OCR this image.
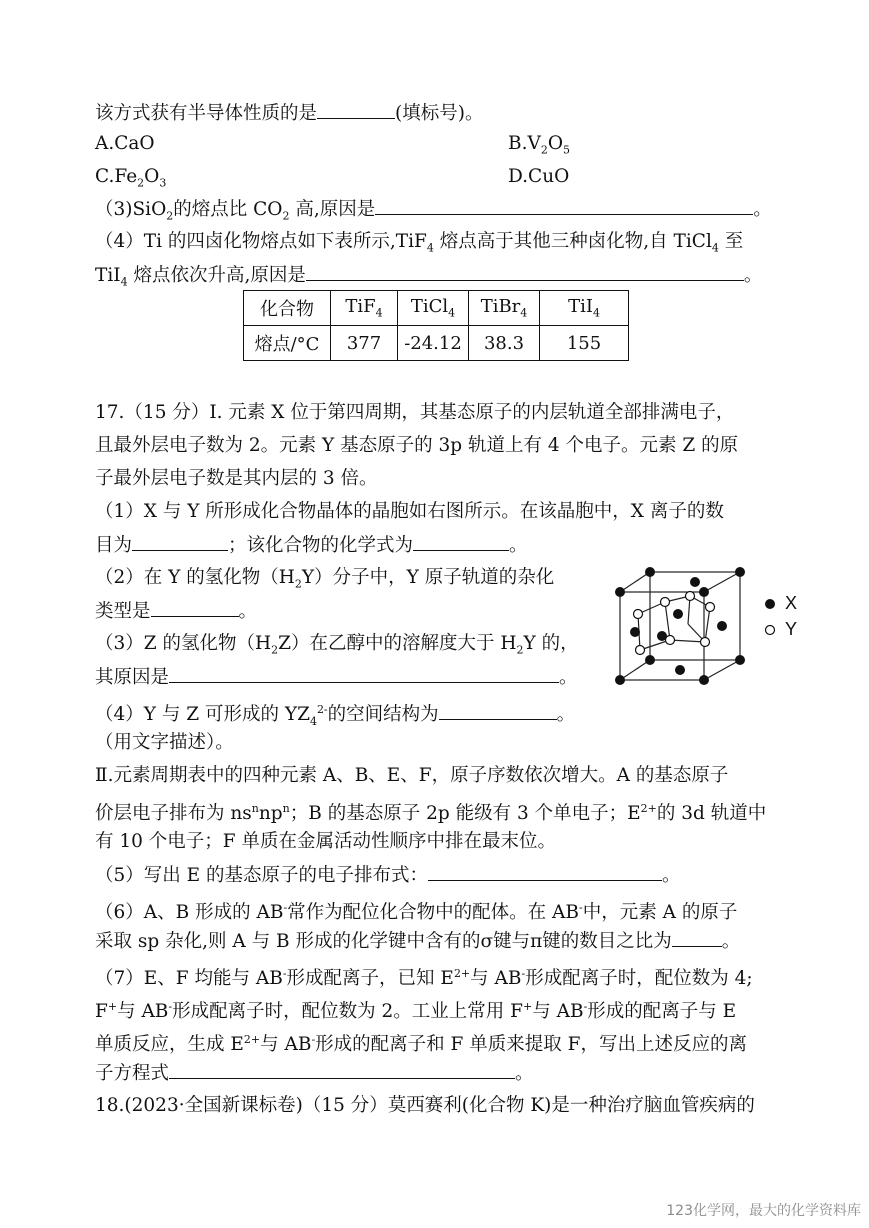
该方式获有半导体性质的是	(填标号)。
A.CaO	$B.V_2O_5$
$C.Fe_2O_3$	D.CuO
（3)SiO$_2$的熔点比 $CO_2$ 高,原因是	。
（4）Ti 的四卤化物熔点如下表所示,TiF$_4$ 熔点高于其他三种卤化物,自 TiCl$_4$ 至
TiI$_4$ 熔点依次升高,原因是	。
化合物	TiF$_4$	TiCl$_4$	TiBr$_4$	TiI$_4$
熔点/°C	377	-24.12	38.3	155
17.（15 分）Ⅰ. 元素 X 位于第四周期，其基态原子的内层轨道全部排满电子，
且最外层电子数为 2。元素 Y 基态原子的 3p 轨道上有 4 个电子。元素 Z 的原
子最外层电子数是其内层的 3 倍。
（1）X 与 Y 所形成化合物晶体的晶胞如右图所示。在该晶胞中，X 离子的数
目为	；该化合物的化学式为	。
（2）在 Y 的氢化物$(H_2Y)$分子中，Y 原子轨道的杂化
类型是	。
（3）Z 的氢化物$(H_2Z)$在乙醇中的溶解度大于 $H_2Y$ 的，
其原因是	。
（4）Y 与 Z 可形成的 $YZ_4^{2-}$的空间结构为	。
（用文字描述）。
Ⅱ.元素周期表中的四种元素 A、B、E、F，原子序数依次增大。A 的基态原子
价层电子排布为 $ns^nnp^n$；B 的基态原子 2p 能级有 3 个单电子；$E^{2+}$的 3d 轨道中
有 10 个电子；F 单质在金属活动性顺序中排在最末位。
（5）写出 E 的基态原子的电子排布式：	。
（6）A、B 形成的 AB-常作为配位化合物中的配体。在 AB-中，元素 A 的原子
采取 sp 杂化,则 A 与 B 形成的化学键中含有的σ键与π键的数目之比为	。
（7）E、F 均能与 AB-形成配离子，已知 $E^{2+}$与 AB-形成配离子时，配位数为 4;
F+与 AB-形成配离子时，配位数为 2。工业上常用 F+与 AB-形成的配离子与 E
单质反应，生成 $E^{2+}$与 AB-形成的配离子和 F 单质来提取 F，写出上述反应的离
子方程式	。
18.(2023·全国新课标卷)（15 分）莫西赛利(化合物 K)是一种治疗脑血管疾病的
X
Y
123化学网，最大的化学资料库
